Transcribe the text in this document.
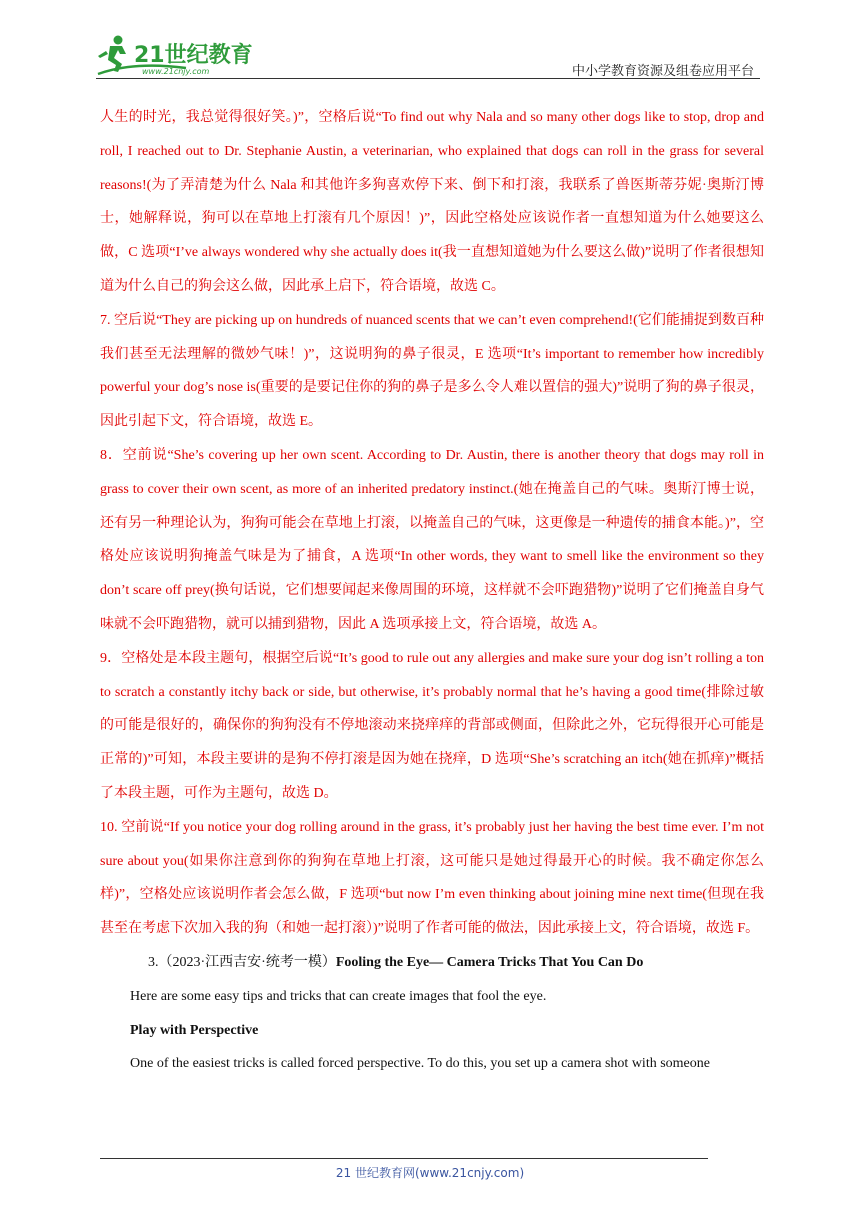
21世纪教育
www.21cnjy.com	中小学教育资源及组卷应用平台

人生的时光，我总觉得很好笑。)”，空格后说“To find out why Nala and so many other dogs like to stop, drop and roll, I reached out to Dr. Stephanie Austin, a veterinarian, who explained that dogs can roll in the grass for several reasons!(为了弄清楚为什么 Nala 和其他许多狗喜欢停下来、倒下和打滚，我联系了兽医斯蒂芬妮·奥斯汀博士，她解释说，狗可以在草地上打滚有几个原因！)”，因此空格处应该说作者一直想知道为什么她要这么做，C 选项“I’ve always wondered why she actually does it(我一直想知道她为什么要这么做)”说明了作者很想知道为什么自己的狗会这么做，因此承上启下，符合语境，故选 C。

7. 空后说“They are picking up on hundreds of nuanced scents that we can’t even comprehend!(它们能捕捉到数百种我们甚至无法理解的微妙气味！)”，这说明狗的鼻子很灵，E 选项“It’s important to remember how incredibly powerful your dog’s nose is(重要的是要记住你的狗的鼻子是多么令人难以置信的强大)”说明了狗的鼻子很灵，因此引起下文，符合语境，故选 E。

8．空前说“She’s covering up her own scent. According to Dr. Austin, there is another theory that dogs may roll in grass to cover their own scent, as more of an inherited predatory instinct.(她在掩盖自己的气味。奥斯汀博士说，还有另一种理论认为，狗狗可能会在草地上打滚，以掩盖自己的气味，这更像是一种遗传的捕食本能。)”，空格处应该说明狗掩盖气味是为了捕食，A 选项“In other words, they want to smell like the environment so they don’t scare off prey(换句话说，它们想要闻起来像周围的环境，这样就不会吓跑猎物)”说明了它们掩盖自身气味就不会吓跑猎物，就可以捕到猎物，因此 A 选项承接上文，符合语境，故选 A。

9．空格处是本段主题句，根据空后说“It’s good to rule out any allergies and make sure your dog isn’t rolling a ton to scratch a constantly itchy back or side, but otherwise, it’s probably normal that he’s having a good time(排除过敏的可能是很好的，确保你的狗狗没有不停地滚动来挠痒痒的背部或侧面，但除此之外，它玩得很开心可能是正常的)”可知，本段主要讲的是狗不停打滚是因为她在挠痒，D 选项“She’s scratching an itch(她在抓痒)”概括了本段主题，可作为主题句，故选 D。

10. 空前说“If you notice your dog rolling around in the grass, it’s probably just her having the best time ever. I’m not sure about you(如果你注意到你的狗狗在草地上打滚，这可能只是她过得最开心的时候。我不确定你怎么样)”，空格处应该说明作者会怎么做，F 选项“but now I’m even thinking about joining mine next time(但现在我甚至在考虑下次加入我的狗（和她一起打滚）)”说明了作者可能的做法，因此承接上文，符合语境，故选 F。

3.（2023·江西吉安·统考一模）Fooling the Eye— Camera Tricks That You Can Do

Here are some easy tips and tricks that can create images that fool the eye.

Play with Perspective

One of the easiest tricks is called forced perspective. To do this, you set up a camera shot with someone

21 世纪教育网(www.21cnjy.com)
